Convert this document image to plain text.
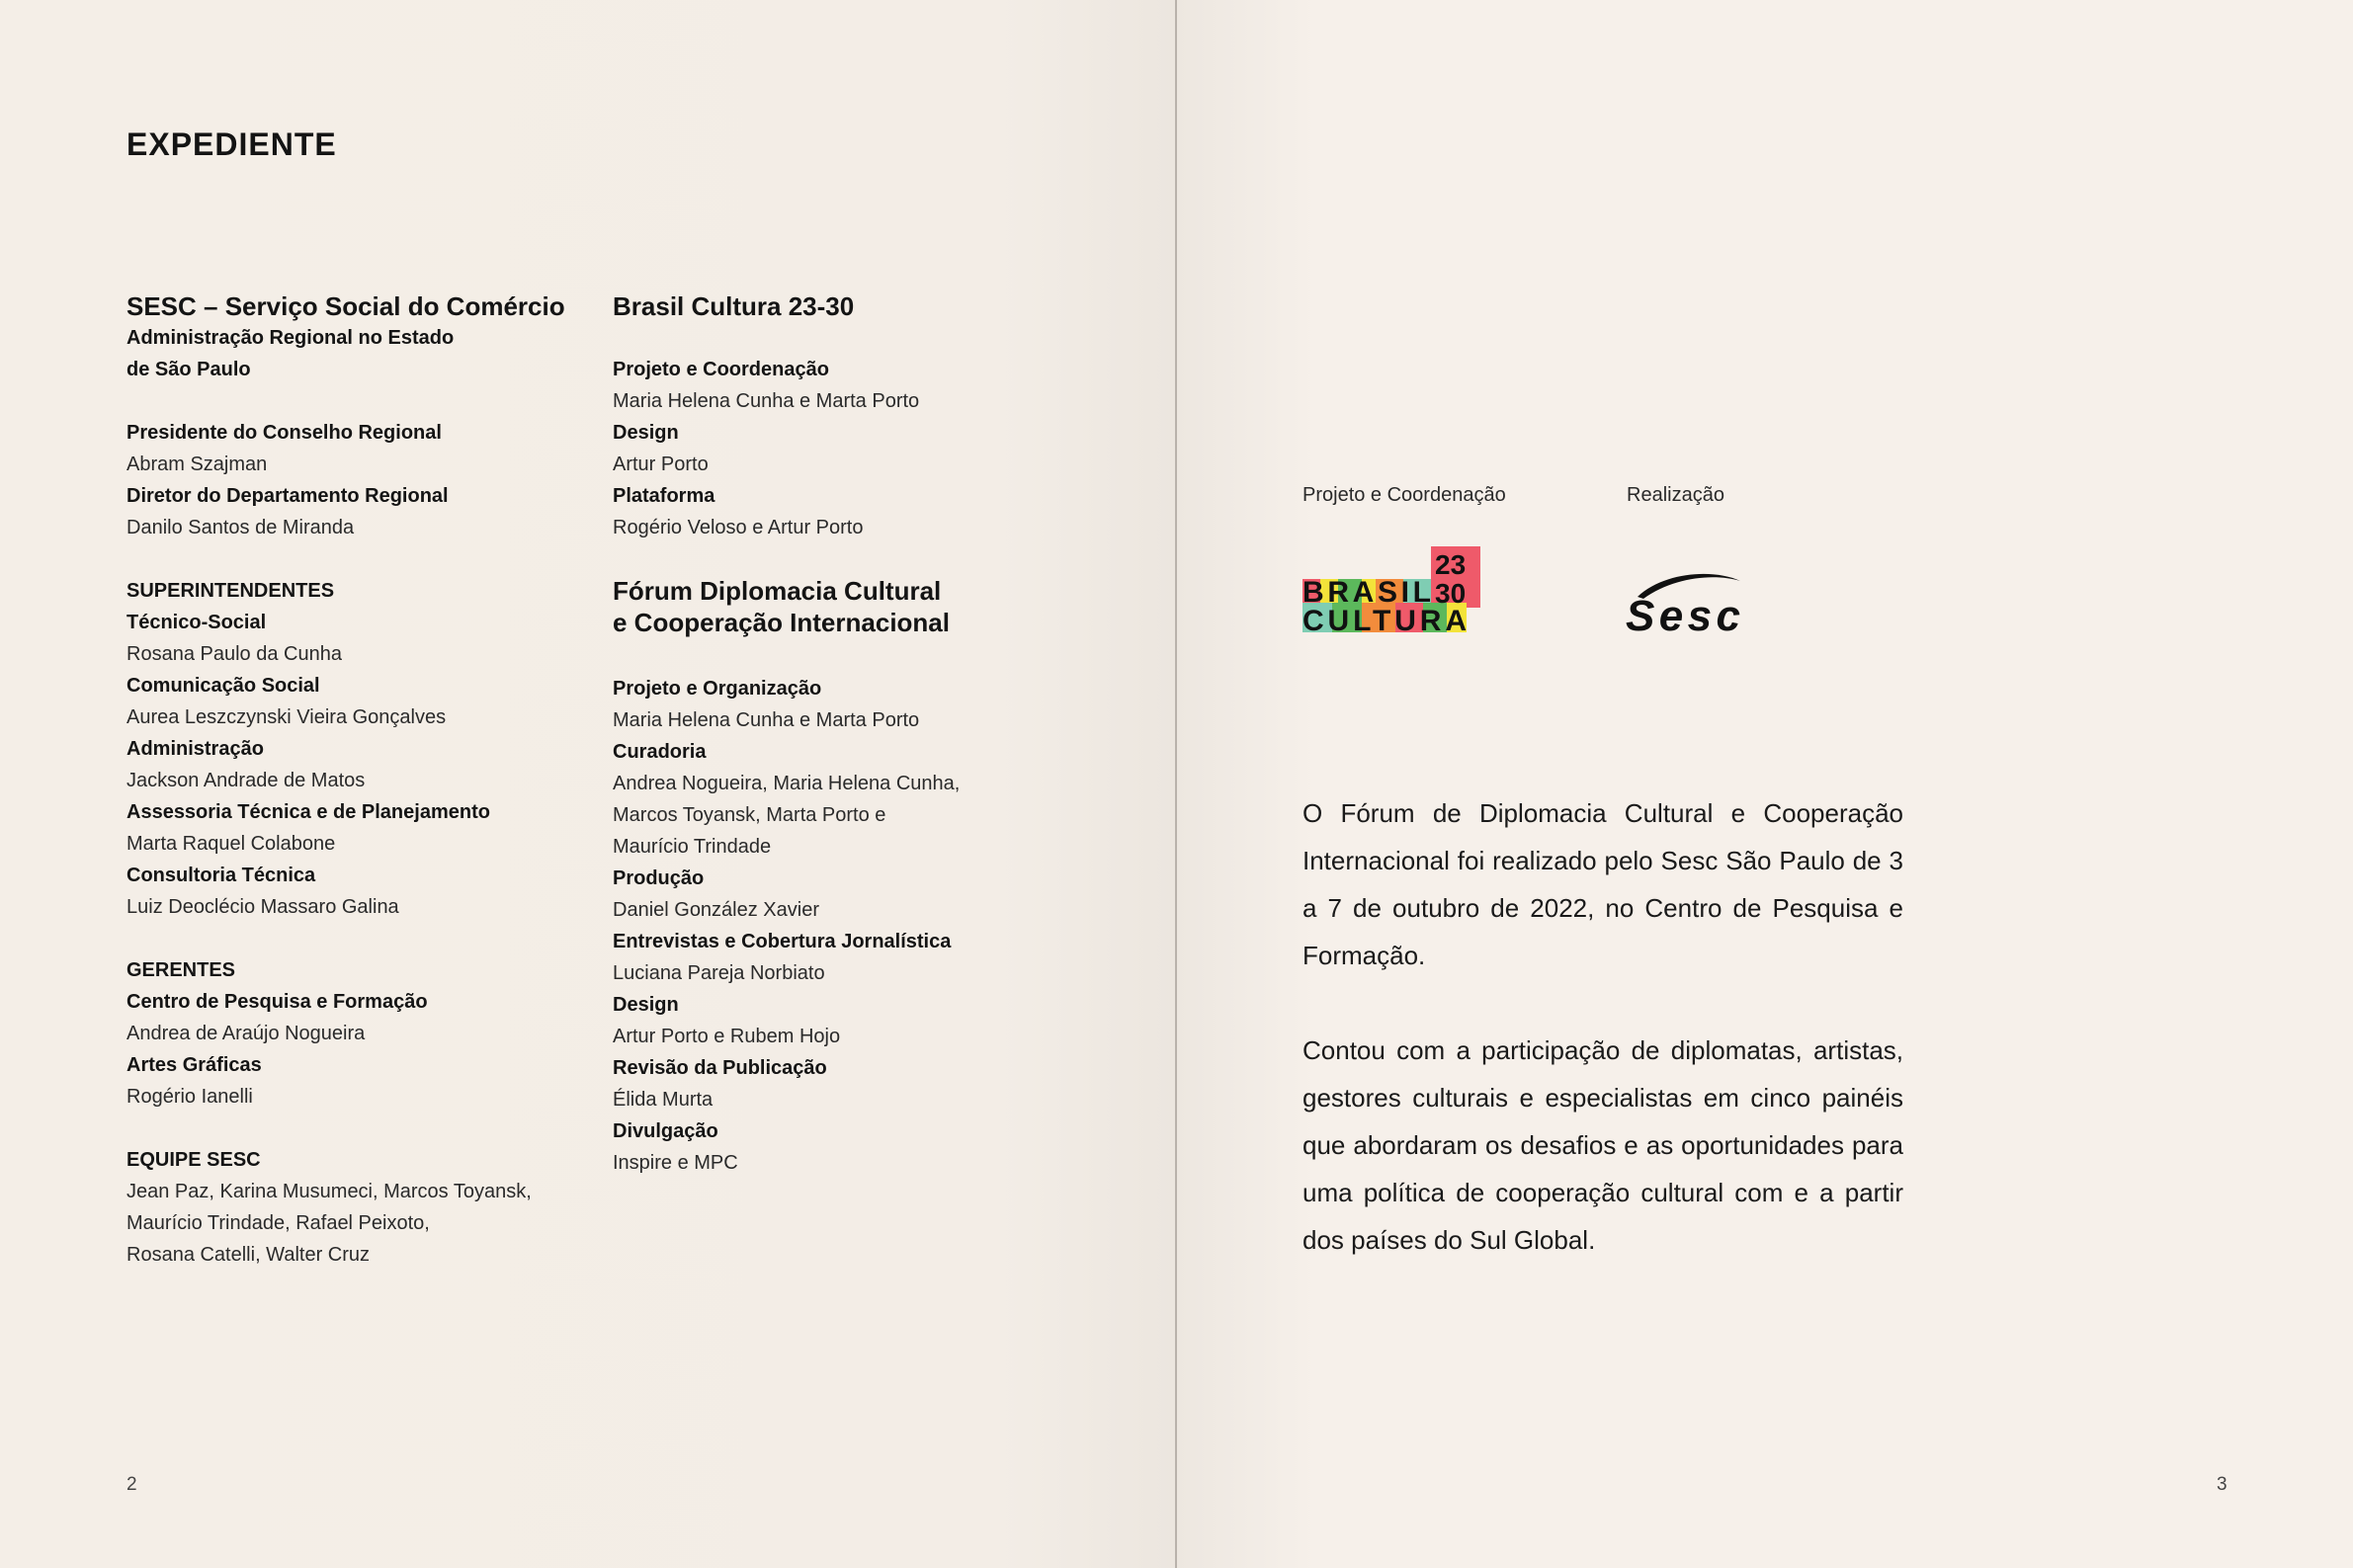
EXPEDIENTE
SESC – Serviço Social do Comércio
Administração Regional no Estado
de São Paulo
Presidente do Conselho Regional
Abram Szajman
Diretor do Departamento Regional
Danilo Santos de Miranda
SUPERINTENDENTES
Técnico-Social
Rosana Paulo da Cunha
Comunicação Social
Aurea Leszczynski Vieira Gonçalves
Administração
Jackson Andrade de Matos
Assessoria Técnica e de Planejamento
Marta Raquel Colabone
Consultoria Técnica
Luiz Deoclécio Massaro Galina
GERENTES
Centro de Pesquisa e Formação
Andrea de Araújo Nogueira
Artes Gráficas
Rogério Ianelli
EQUIPE SESC
Jean Paz, Karina Musumeci, Marcos Toyansk,
Maurício Trindade, Rafael Peixoto,
Rosana Catelli, Walter Cruz
Brasil Cultura 23-30
Projeto e Coordenação
Maria Helena Cunha e Marta Porto
Design
Artur Porto
Plataforma
Rogério Veloso e Artur Porto
Fórum Diplomacia Cultural
e Cooperação Internacional
Projeto e Organização
Maria Helena Cunha e Marta Porto
Curadoria
Andrea Nogueira, Maria Helena Cunha,
Marcos Toyansk, Marta Porto e
Maurício Trindade
Produção
Daniel González Xavier
Entrevistas e Cobertura Jornalística
Luciana Pareja Norbiato
Design
Artur Porto e Rubem Hojo
Revisão da Publicação
Élida Murta
Divulgação
Inspire e MPC
2
Projeto e Coordenação	Realização
BRASIL
CULTURA
23
30	Sesc
O Fórum de Diplomacia Cultural e Cooperação Internacional foi realizado pelo Sesc São Paulo de 3 a 7 de outubro de 2022, no Centro de Pesquisa e Formação.
Contou com a participação de diplomatas, artistas, gestores culturais e especialistas em cinco painéis que abordaram os desafios e as oportunidades para uma política de cooperação cultural com e a partir dos países do Sul Global.
3
